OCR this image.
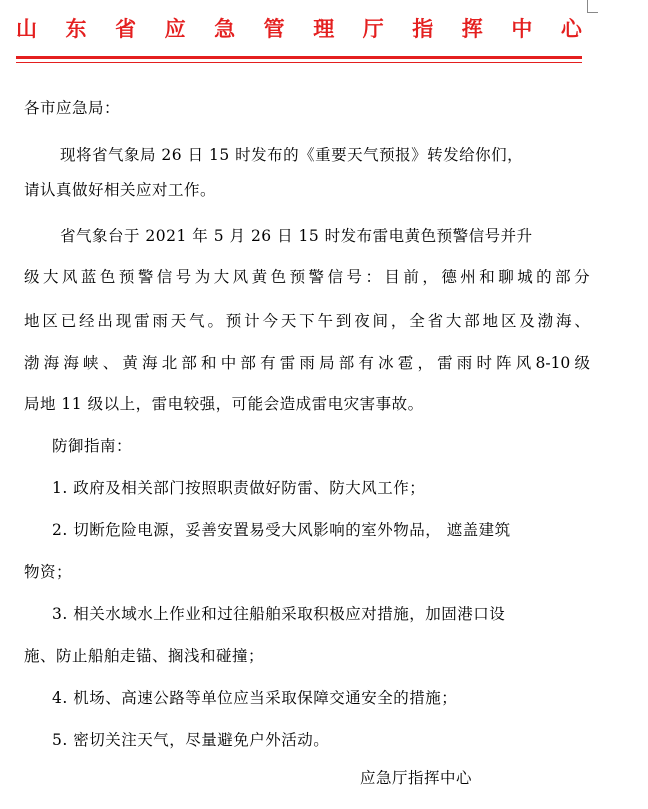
山 东 省 应 急 管 理 厅 指 挥 中 心
各市应急局：
现将省气象局 26 日 15 时发布的《重要天气预报》转发给你们，
请认真做好相关应对工作。
省气象台于 2021 年 5 月 26 日 15 时发布雷电黄色预警信号并升
级 大 风 蓝 色 预 警 信 号 为 大 风 黄 色 预 警 信 号 ： 目 前 ， 德 州 和 聊 城 的 部 分
地 区 已 经 出 现 雷 雨 天 气 。 预 计 今 天 下 午 到 夜 间 ， 全 省 大 部 地 区 及 渤 海 、
渤 海 海 峡 、 黄 海 北 部 和 中 部 有 雷 雨 局 部 有 冰 雹 ， 雷 雨 时 阵 风 8-10 级
局地 11 级以上，雷电较强，可能会造成雷电灾害事故。
防御指南：
1. 政府及相关部门按照职责做好防雷、防大风工作；
2. 切断危险电源，妥善安置易受大风影响的室外物品， 遮盖建筑
物资；
3. 相关水域水上作业和过往船舶采取积极应对措施，加固港口设
施、防止船舶走锚、搁浅和碰撞；
4. 机场、高速公路等单位应当采取保障交通安全的措施；
5. 密切关注天气，尽量避免户外活动。
应急厅指挥中心
